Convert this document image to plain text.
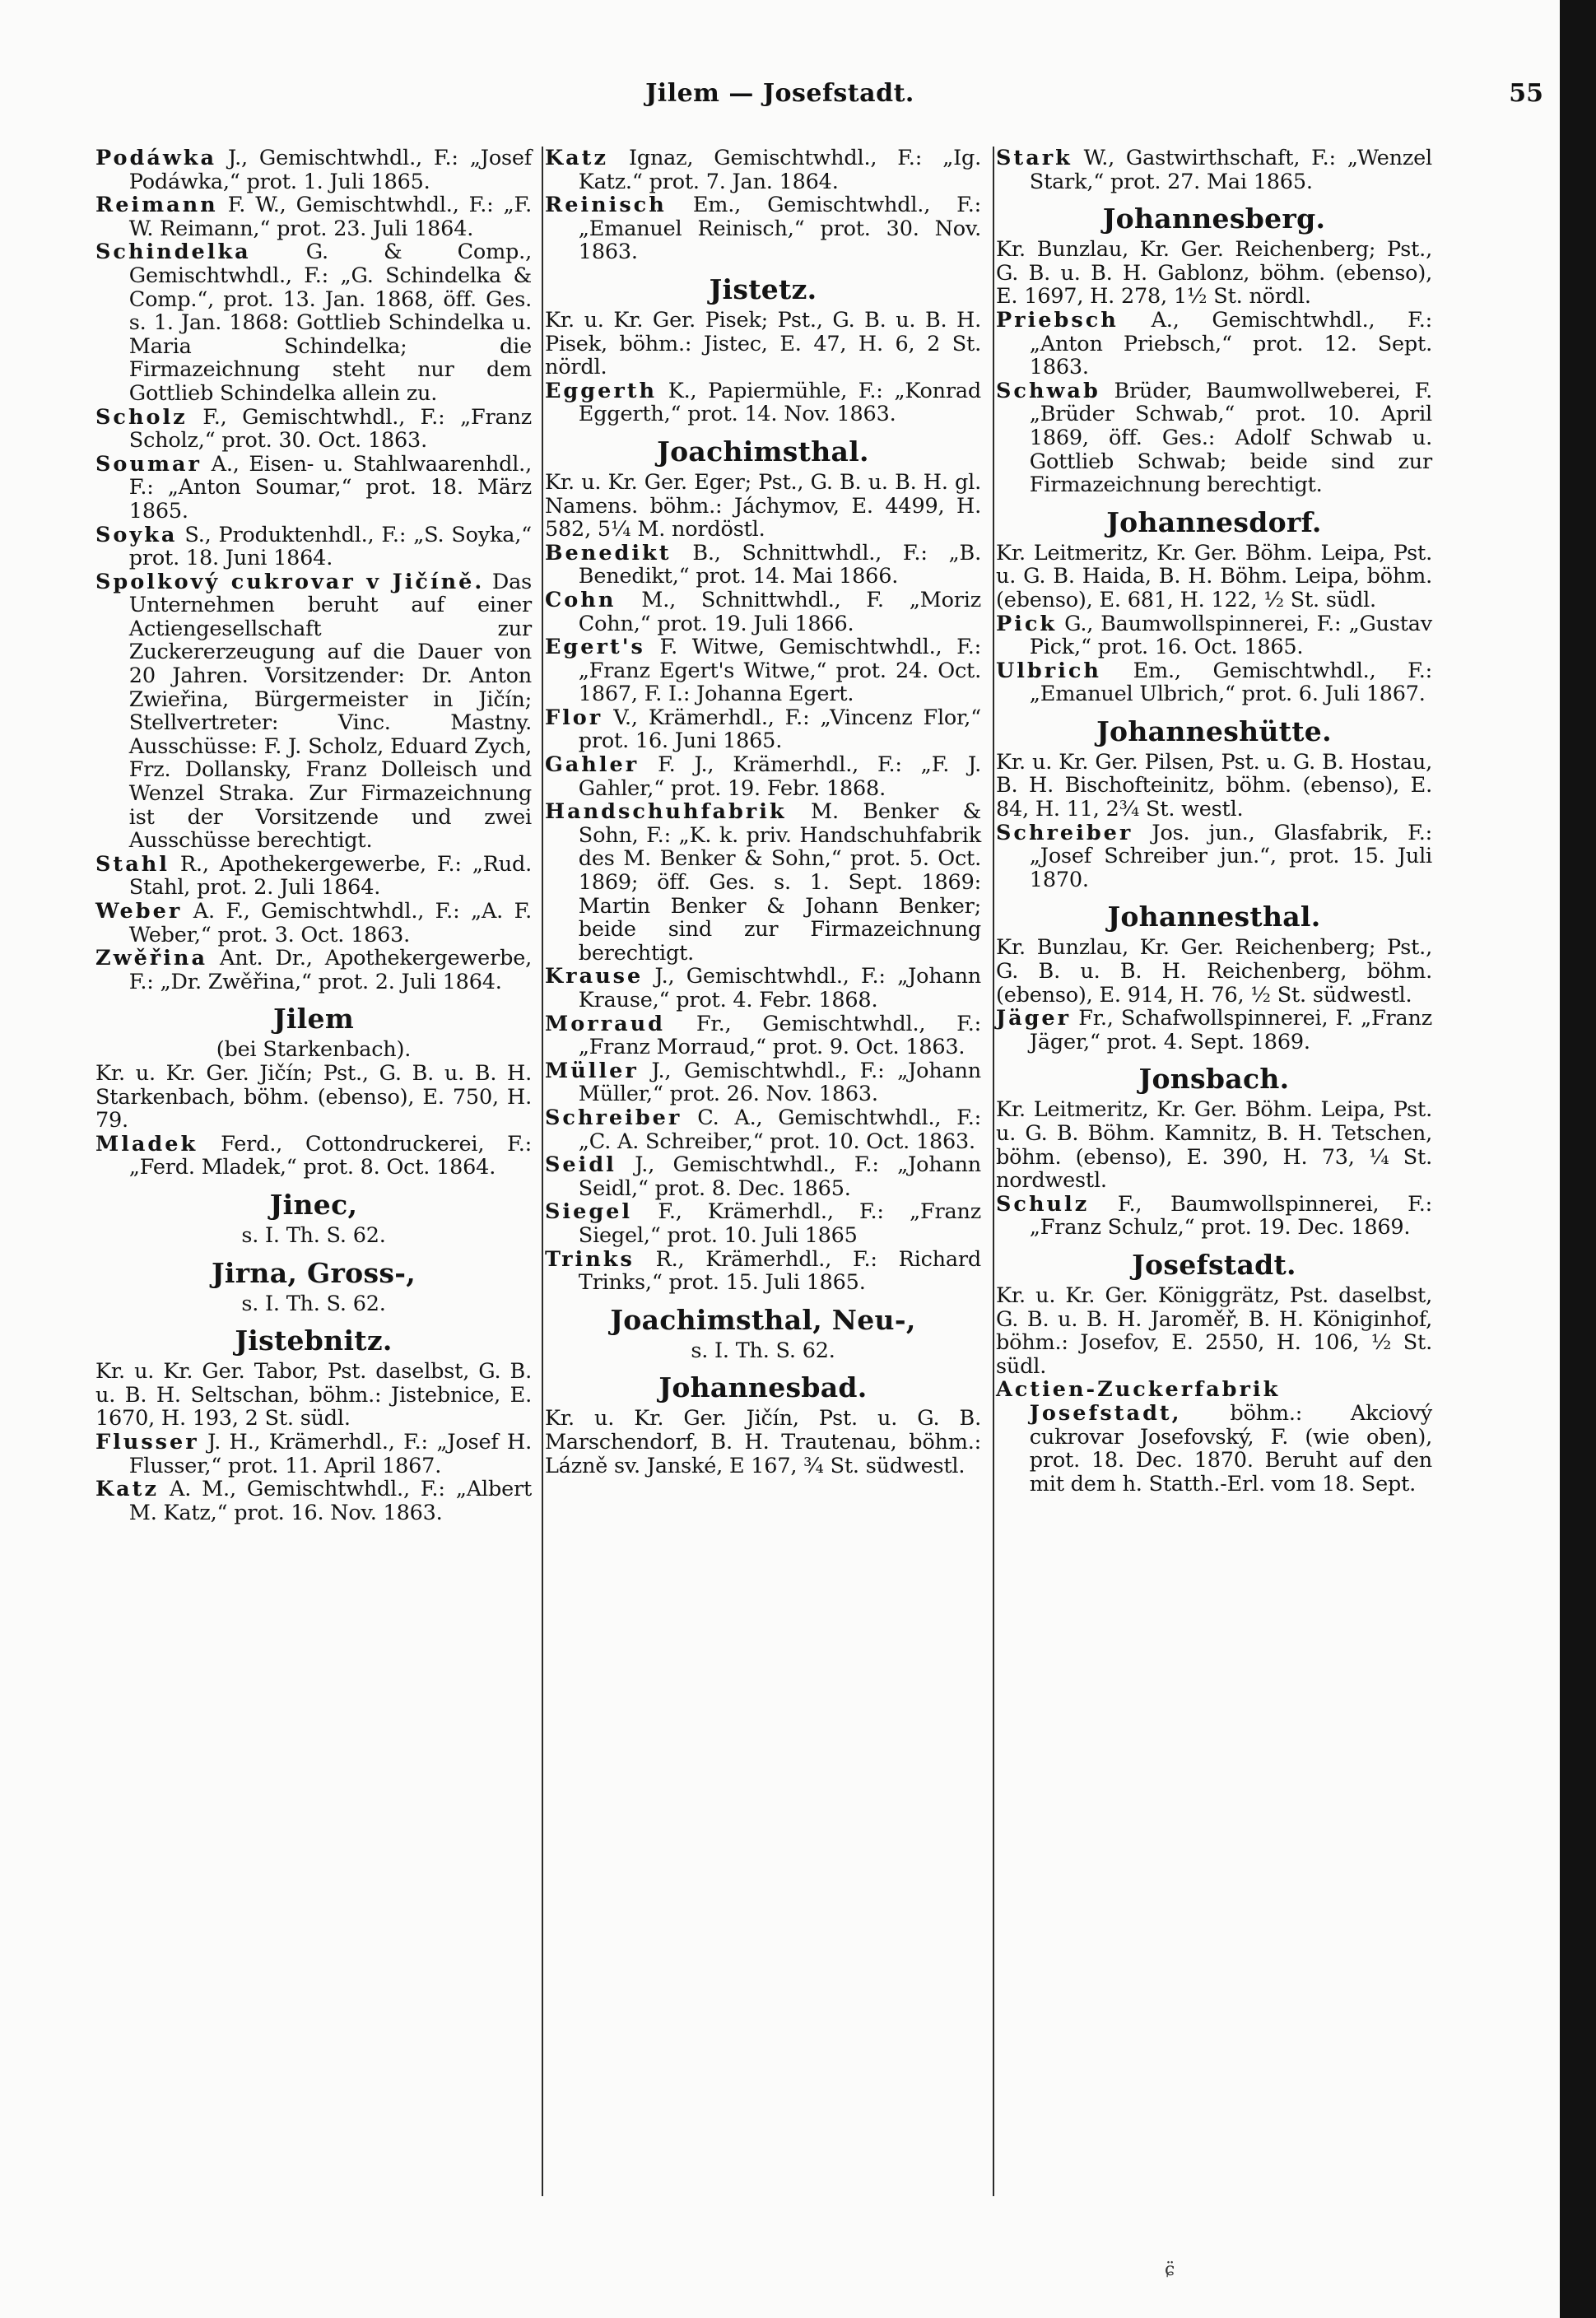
Jilem — Josefstadt.	55

Podáwka J., Gemischtwhdl., F.: „Josef Podáwka,“ prot. 1. Juli 1865.

Reimann F. W., Gemischtwhdl., F.: „F. W. Reimann,“ prot. 23. Juli 1864.

Schindelka G. & Comp., Gemischtwhdl., F.: „G. Schindelka & Comp.“, prot. 13. Jan. 1868, öff. Ges. s. 1. Jan. 1868: Gottlieb Schindelka u. Maria Schindelka; die Firmazeichnung steht nur dem Gottlieb Schindelka allein zu.

Scholz F., Gemischtwhdl., F.: „Franz Scholz,“ prot. 30. Oct. 1863.

Soumar A., Eisen- u. Stahlwaarenhdl., F.: „Anton Soumar,“ prot. 18. März 1865.

Soyka S., Produktenhdl., F.: „S. Soyka,“ prot. 18. Juni 1864.

Spolkový cukrovar v Jičíně. Das Unternehmen beruht auf einer Actiengesellschaft zur Zuckererzeugung auf die Dauer von 20 Jahren. Vorsitzender: Dr. Anton Zwieřina, Bürgermeister in Jičín; Stellvertreter: Vinc. Mastny. Ausschüsse: F. J. Scholz, Eduard Zych, Frz. Dollansky, Franz Dolleisch und Wenzel Straka. Zur Firmazeichnung ist der Vorsitzende und zwei Ausschüsse berechtigt.

Stahl R., Apothekergewerbe, F.: „Rud. Stahl, prot. 2. Juli 1864.

Weber A. F., Gemischtwhdl., F.: „A. F. Weber,“ prot. 3. Oct. 1863.

Zwěřina Ant. Dr., Apothekergewerbe, F.: „Dr. Zwěřina,“ prot. 2. Juli 1864.

Jilem

(bei Starkenbach).

Kr. u. Kr. Ger. Jičín; Pst., G. B. u. B. H. Starkenbach, böhm. (ebenso), E. 750, H. 79.

Mladek Ferd., Cottondruckerei, F.: „Ferd. Mladek,“ prot. 8. Oct. 1864.

Jinec,

s. I. Th. S. 62.

Jirna, Gross-,

s. I. Th. S. 62.

Jistebnitz.

Kr. u. Kr. Ger. Tabor, Pst. daselbst, G. B. u. B. H. Seltschan, böhm.: Jistebnice, E. 1670, H. 193, 2 St. südl.

Flusser J. H., Krämerhdl., F.: „Josef H. Flusser,“ prot. 11. April 1867.

Katz A. M., Gemischtwhdl., F.: „Albert M. Katz,“ prot. 16. Nov. 1863.

Katz Ignaz, Gemischtwhdl., F.: „Ig. Katz.“ prot. 7. Jan. 1864.

Reinisch Em., Gemischtwhdl., F.: „Emanuel Reinisch,“ prot. 30. Nov. 1863.

Jistetz.

Kr. u. Kr. Ger. Pisek; Pst., G. B. u. B. H. Pisek, böhm.: Jistec, E. 47, H. 6, 2 St. nördl.

Eggerth K., Papiermühle, F.: „Konrad Eggerth,“ prot. 14. Nov. 1863.

Joachimsthal.

Kr. u. Kr. Ger. Eger; Pst., G. B. u. B. H. gl. Namens. böhm.: Jáchymov, E. 4499, H. 582, 5¼ M. nordöstl.

Benedikt B., Schnittwhdl., F.: „B. Benedikt,“ prot. 14. Mai 1866.

Cohn M., Schnittwhdl., F. „Moriz Cohn,“ prot. 19. Juli 1866.

Egert's F. Witwe, Gemischtwhdl., F.: „Franz Egert's Witwe,“ prot. 24. Oct. 1867, F. I.: Johanna Egert.

Flor V., Krämerhdl., F.: „Vincenz Flor,“ prot. 16. Juni 1865.

Gahler F. J., Krämerhdl., F.: „F. J. Gahler,“ prot. 19. Febr. 1868.

Handschuhfabrik M. Benker & Sohn, F.: „K. k. priv. Handschuhfabrik des M. Benker & Sohn,“ prot. 5. Oct. 1869; öff. Ges. s. 1. Sept. 1869: Martin Benker & Johann Benker; beide sind zur Firmazeichnung berechtigt.

Krause J., Gemischtwhdl., F.: „Johann Krause,“ prot. 4. Febr. 1868.

Morraud Fr., Gemischtwhdl., F.: „Franz Morraud,“ prot. 9. Oct. 1863.

Müller J., Gemischtwhdl., F.: „Johann Müller,“ prot. 26. Nov. 1863.

Schreiber C. A., Gemischtwhdl., F.: „C. A. Schreiber,“ prot. 10. Oct. 1863.

Seidl J., Gemischtwhdl., F.: „Johann Seidl,“ prot. 8. Dec. 1865.

Siegel F., Krämerhdl., F.: „Franz Siegel,“ prot. 10. Juli 1865

Trinks R., Krämerhdl., F.: Richard Trinks,“ prot. 15. Juli 1865.

Joachimsthal, Neu-,

s. I. Th. S. 62.

Johannesbad.

Kr. u. Kr. Ger. Jičín, Pst. u. G. B. Marschendorf, B. H. Trautenau, böhm.: Lázně sv. Janské, E 167, ¾ St. südwestl.

Stark W., Gastwirthschaft, F.: „Wenzel Stark,“ prot. 27. Mai 1865.

Johannesberg.

Kr. Bunzlau, Kr. Ger. Reichenberg; Pst., G. B. u. B. H. Gablonz, böhm. (ebenso), E. 1697, H. 278, 1½ St. nördl.

Priebsch A., Gemischtwhdl., F.: „Anton Priebsch,“ prot. 12. Sept. 1863.

Schwab Brüder, Baumwollweberei, F. „Brüder Schwab,“ prot. 10. April 1869, öff. Ges.: Adolf Schwab u. Gottlieb Schwab; beide sind zur Firmazeichnung berechtigt.

Johannesdorf.

Kr. Leitmeritz, Kr. Ger. Böhm. Leipa, Pst. u. G. B. Haida, B. H. Böhm. Leipa, böhm. (ebenso), E. 681, H. 122, ½ St. südl.

Pick G., Baumwollspinnerei, F.: „Gustav Pick,“ prot. 16. Oct. 1865.

Ulbrich Em., Gemischtwhdl., F.: „Emanuel Ulbrich,“ prot. 6. Juli 1867.

Johanneshütte.

Kr. u. Kr. Ger. Pilsen, Pst. u. G. B. Hostau, B. H. Bischofteinitz, böhm. (ebenso), E. 84, H. 11, 2¾ St. westl.

Schreiber Jos. jun., Glasfabrik, F.: „Josef Schreiber jun.“, prot. 15. Juli 1870.

Johannesthal.

Kr. Bunzlau, Kr. Ger. Reichenberg; Pst., G. B. u. B. H. Reichenberg, böhm. (ebenso), E. 914, H. 76, ½ St. südwestl.

Jäger Fr., Schafwollspinnerei, F. „Franz Jäger,“ prot. 4. Sept. 1869.

Jonsbach.

Kr. Leitmeritz, Kr. Ger. Böhm. Leipa, Pst. u. G. B. Böhm. Kamnitz, B. H. Tetschen, böhm. (ebenso), E. 390, H. 73, ¼ St. nordwestl.

Schulz F., Baumwollspinnerei, F.: „Franz Schulz,“ prot. 19. Dec. 1869.

Josefstadt.

Kr. u. Kr. Ger. Königgrätz, Pst. daselbst, G. B. u. B. H. Jaroměř, B. H. Königinhof, böhm.: Josefov, E. 2550, H. 106, ½ St. südl.

Actien-Zuckerfabrik Josefstadt, böhm.: Akciový cukrovar Josefovský, F. (wie oben), prot. 18. Dec. 1870. Beruht auf den mit dem h. Statth.-Erl. vom 18. Sept.

ɕ̈
